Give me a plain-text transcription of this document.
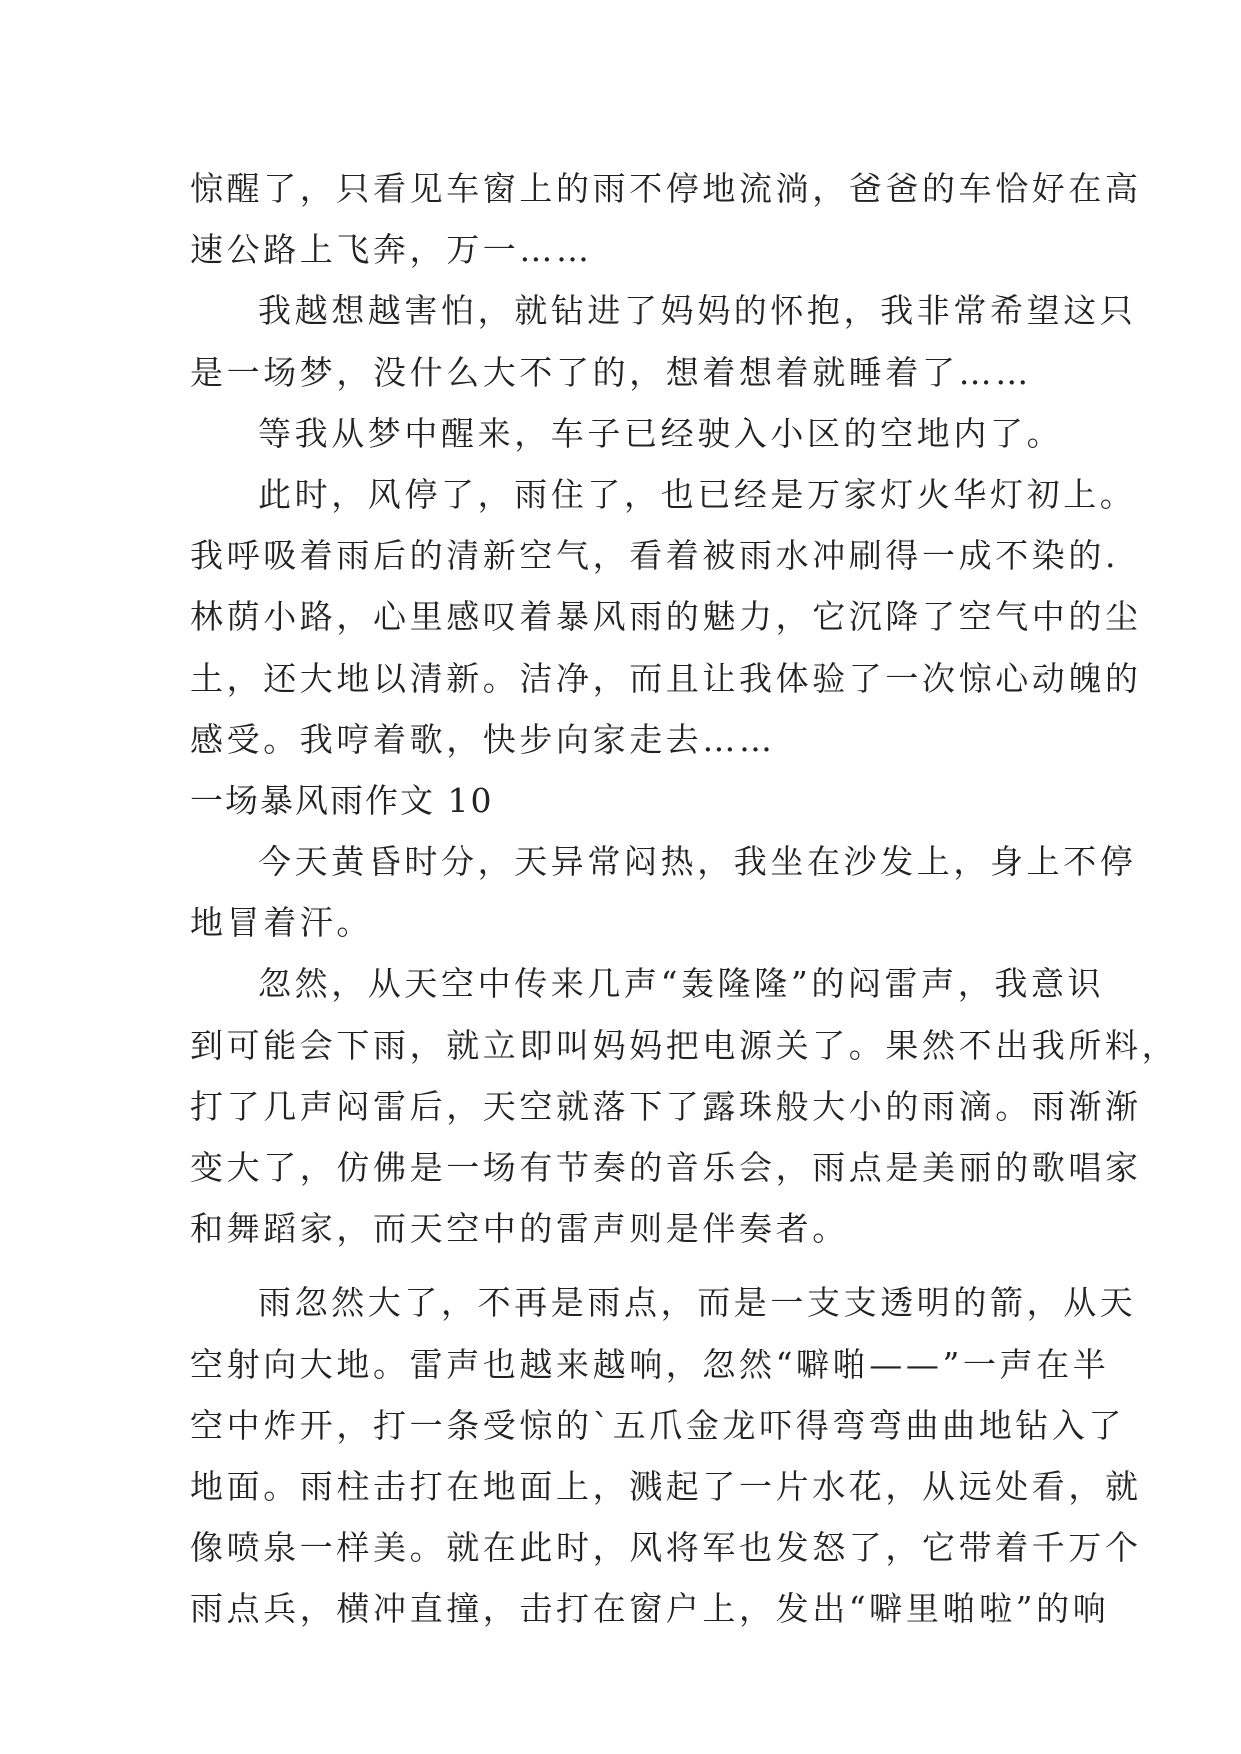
惊醒了，只看见车窗上的雨不停地流淌，爸爸的车恰好在高
速公路上飞奔，万一……
我越想越害怕，就钻进了妈妈的怀抱，我非常希望这只
是一场梦，没什么大不了的，想着想着就睡着了……
等我从梦中醒来，车子已经驶入小区的空地内了。
此时，风停了，雨住了，也已经是万家灯火华灯初上。
我呼吸着雨后的清新空气，看着被雨水冲刷得一成不染的.
林荫小路，心里感叹着暴风雨的魅力，它沉降了空气中的尘
土，还大地以清新。洁净，而且让我体验了一次惊心动魄的
感受。我哼着歌，快步向家走去……
一场暴风雨作文 10
今天黄昏时分，天异常闷热，我坐在沙发上，身上不停
地冒着汗。
忽然，从天空中传来几声“轰隆隆”的闷雷声，我意识
到可能会下雨，就立即叫妈妈把电源关了。果然不出我所料，
打了几声闷雷后，天空就落下了露珠般大小的雨滴。雨渐渐
变大了，仿佛是一场有节奏的音乐会，雨点是美丽的歌唱家
和舞蹈家，而天空中的雷声则是伴奏者。
雨忽然大了，不再是雨点，而是一支支透明的箭，从天
空射向大地。雷声也越来越响，忽然“噼啪——”一声在半
空中炸开，打一条受惊的`五爪金龙吓得弯弯曲曲地钻入了
地面。雨柱击打在地面上，溅起了一片水花，从远处看，就
像喷泉一样美。就在此时，风将军也发怒了，它带着千万个
雨点兵，横冲直撞，击打在窗户上，发出“噼里啪啦”的响
